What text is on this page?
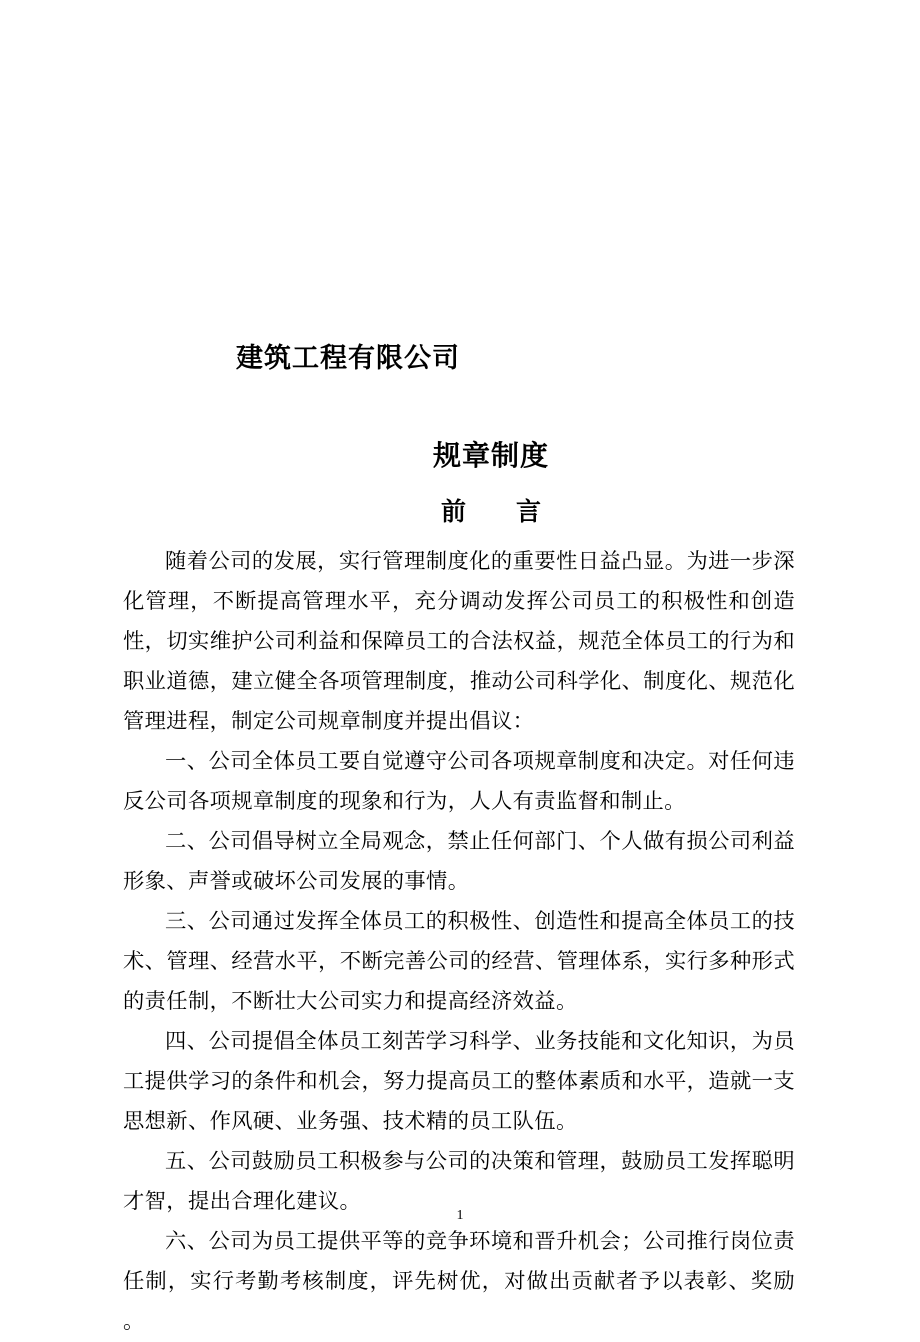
建筑工程有限公司
规章制度
前　　言

随着公司的发展，实行管理制度化的重要性日益凸显。为进一步深化管理，不断提高管理水平，充分调动发挥公司员工的积极性和创造性，切实维护公司利益和保障员工的合法权益，规范全体员工的行为和职业道德，建立健全各项管理制度，推动公司科学化、制度化、规范化管理进程，制定公司规章制度并提出倡议：

一、公司全体员工要自觉遵守公司各项规章制度和决定。对任何违反公司各项规章制度的现象和行为，人人有责监督和制止。

二、公司倡导树立全局观念，禁止任何部门、个人做有损公司利益形象、声誉或破坏公司发展的事情。

三、公司通过发挥全体员工的积极性、创造性和提高全体员工的技术、管理、经营水平，不断完善公司的经营、管理体系，实行多种形式的责任制，不断壮大公司实力和提高经济效益。

四、公司提倡全体员工刻苦学习科学、业务技能和文化知识，为员工提供学习的条件和机会，努力提高员工的整体素质和水平，造就一支思想新、作风硬、业务强、技术精的员工队伍。

五、公司鼓励员工积极参与公司的决策和管理，鼓励员工发挥聪明才智，提出合理化建议。

六、公司为员工提供平等的竞争环境和晋升机会；公司推行岗位责任制，实行考勤考核制度，评先树优，对做出贡献者予以表彰、奖励 。

1
